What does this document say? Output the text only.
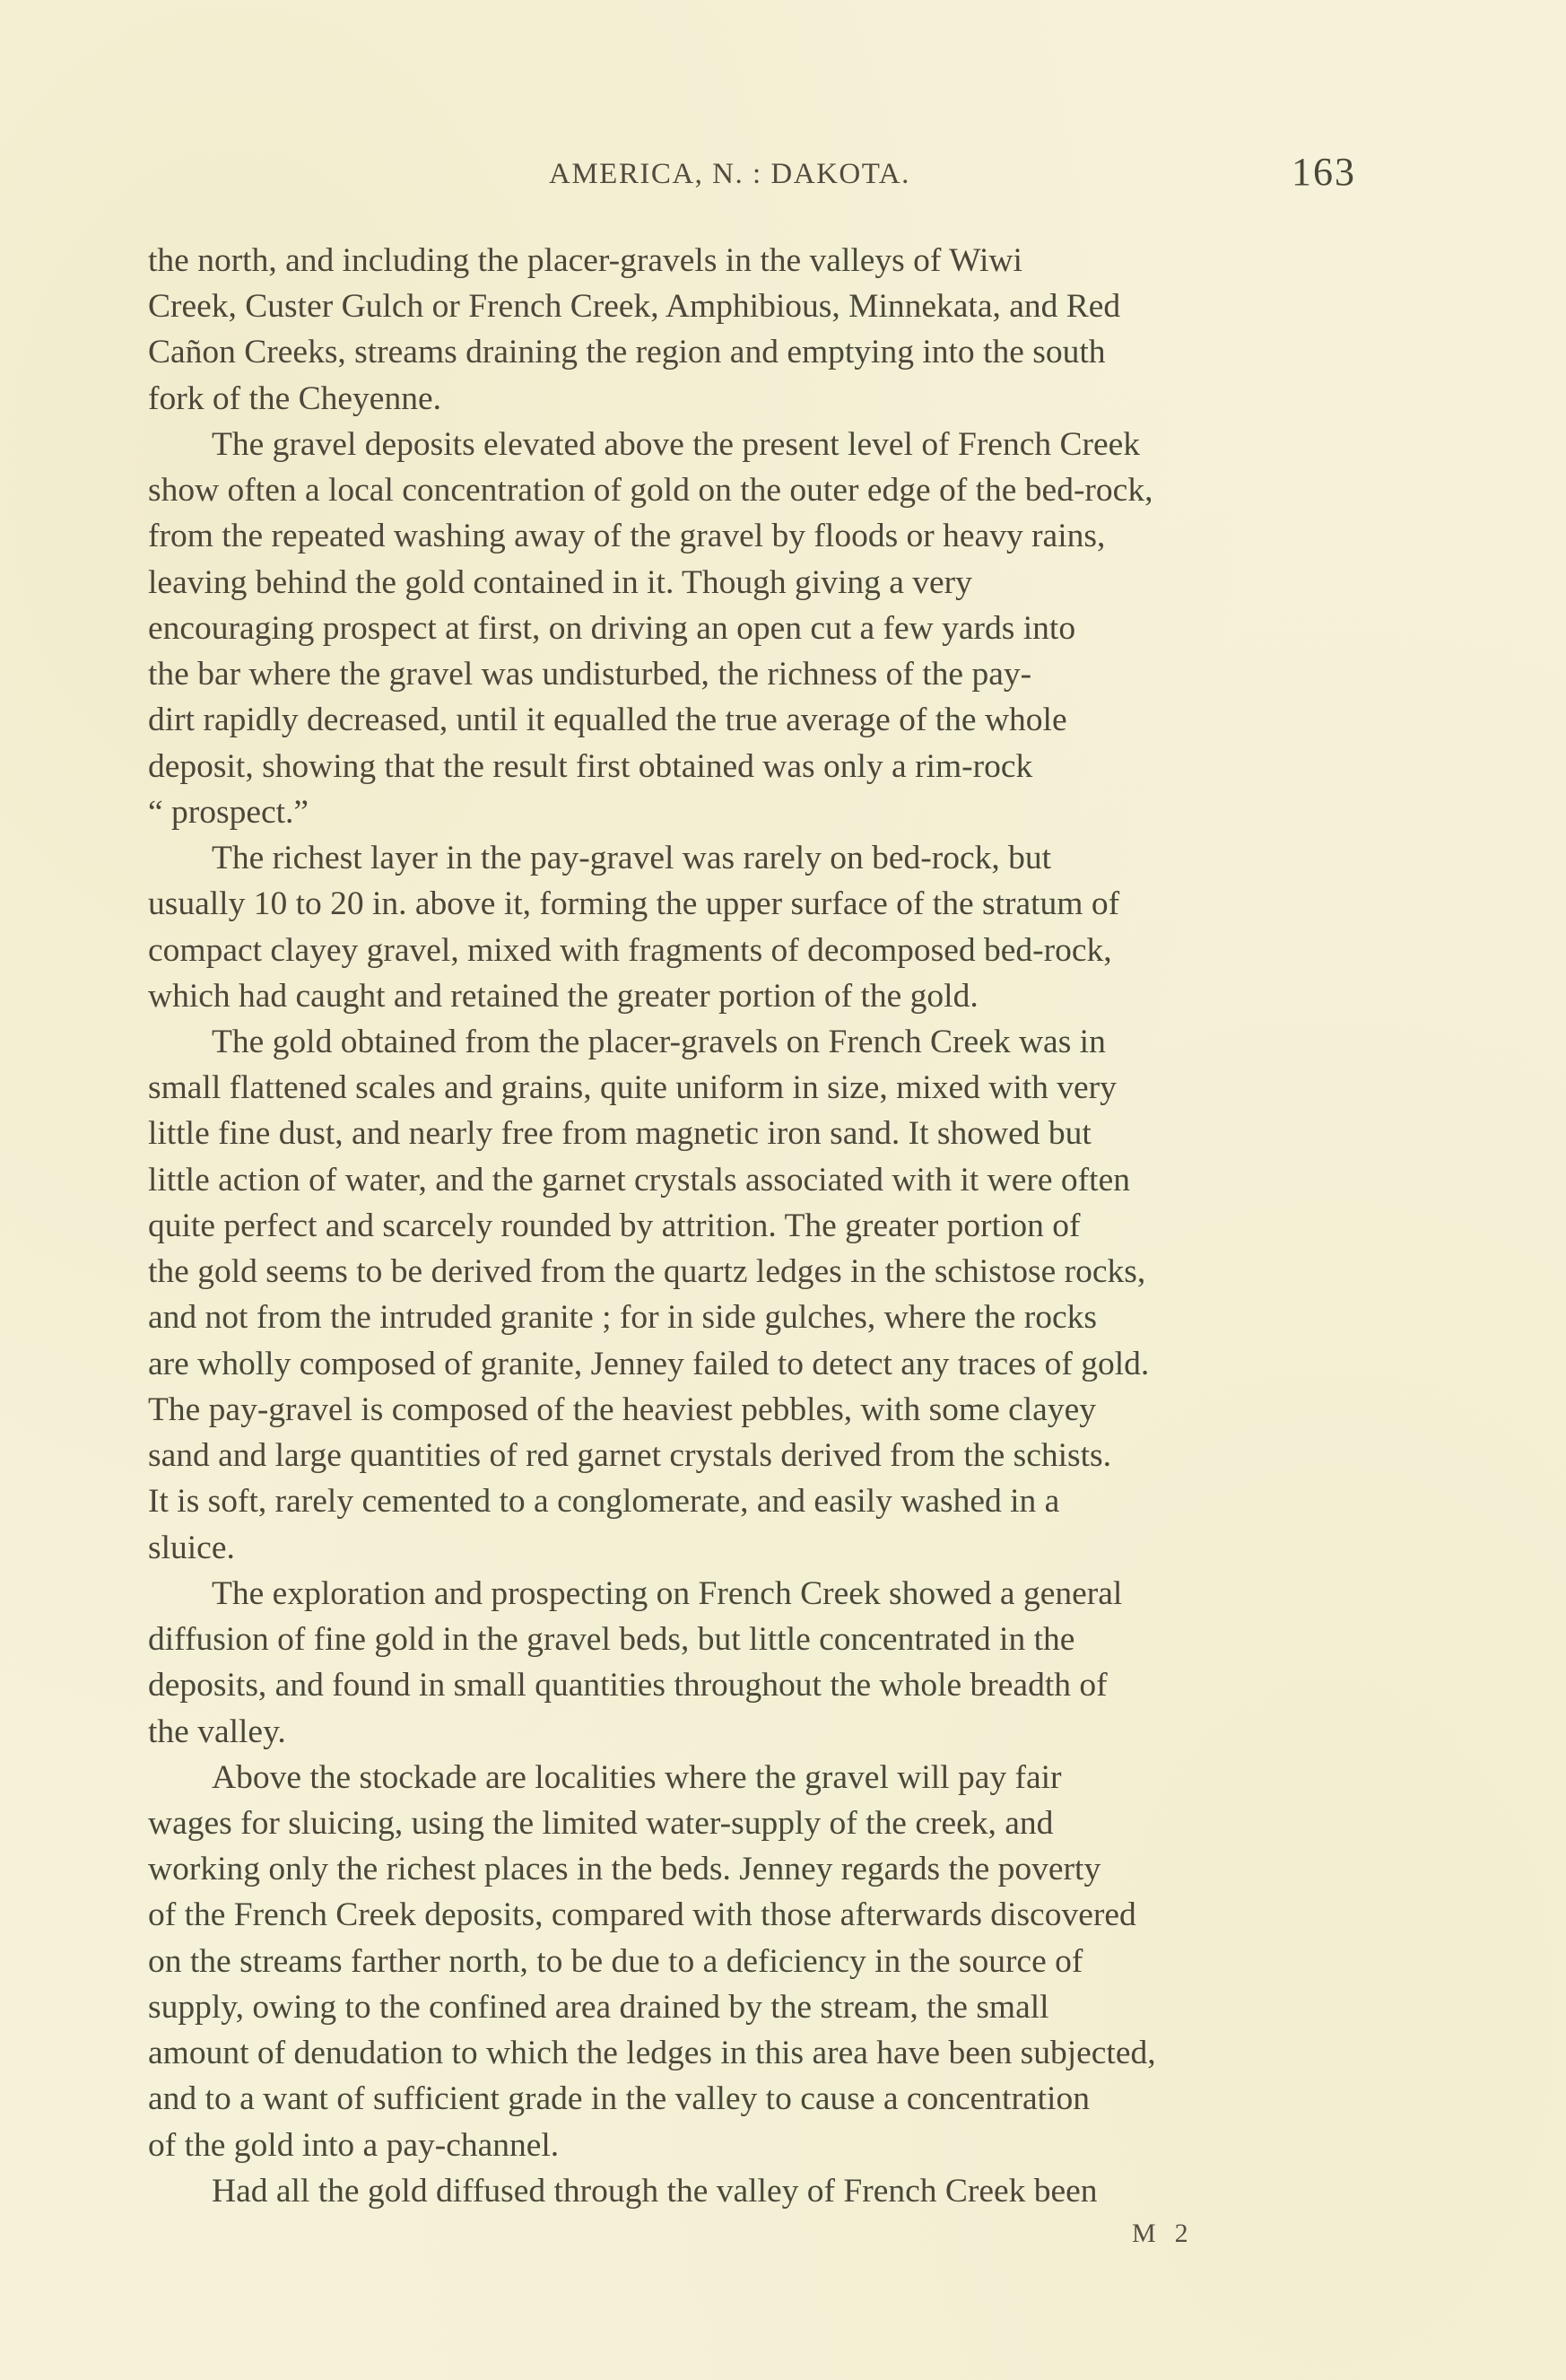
AMERICA, N. : DAKOTA.	163
the north, and including the placer-gravels in the valleys of Wiwi
Creek, Custer Gulch or French Creek, Amphibious, Minnekata, and Red
Cañon Creeks, streams draining the region and emptying into the south
fork of the Cheyenne.
The gravel deposits elevated above the present level of French Creek
show often a local concentration of gold on the outer edge of the bed-rock,
from the repeated washing away of the gravel by floods or heavy rains,
leaving behind the gold contained in it. Though giving a very
encouraging prospect at first, on driving an open cut a few yards into
the bar where the gravel was undisturbed, the richness of the pay-
dirt rapidly decreased, until it equalled the true average of the whole
deposit, showing that the result first obtained was only a rim-rock
“ prospect.”
The richest layer in the pay-gravel was rarely on bed-rock, but
usually 10 to 20 in. above it, forming the upper surface of the stratum of
compact clayey gravel, mixed with fragments of decomposed bed-rock,
which had caught and retained the greater portion of the gold.
The gold obtained from the placer-gravels on French Creek was in
small flattened scales and grains, quite uniform in size, mixed with very
little fine dust, and nearly free from magnetic iron sand. It showed but
little action of water, and the garnet crystals associated with it were often
quite perfect and scarcely rounded by attrition. The greater portion of
the gold seems to be derived from the quartz ledges in the schistose rocks,
and not from the intruded granite ; for in side gulches, where the rocks
are wholly composed of granite, Jenney failed to detect any traces of gold.
The pay-gravel is composed of the heaviest pebbles, with some clayey
sand and large quantities of red garnet crystals derived from the schists.
It is soft, rarely cemented to a conglomerate, and easily washed in a
sluice.
The exploration and prospecting on French Creek showed a general
diffusion of fine gold in the gravel beds, but little concentrated in the
deposits, and found in small quantities throughout the whole breadth of
the valley.
Above the stockade are localities where the gravel will pay fair
wages for sluicing, using the limited water-supply of the creek, and
working only the richest places in the beds. Jenney regards the poverty
of the French Creek deposits, compared with those afterwards discovered
on the streams farther north, to be due to a deficiency in the source of
supply, owing to the confined area drained by the stream, the small
amount of denudation to which the ledges in this area have been subjected,
and to a want of sufficient grade in the valley to cause a concentration
of the gold into a pay-channel.
Had all the gold diffused through the valley of French Creek been
M  2
